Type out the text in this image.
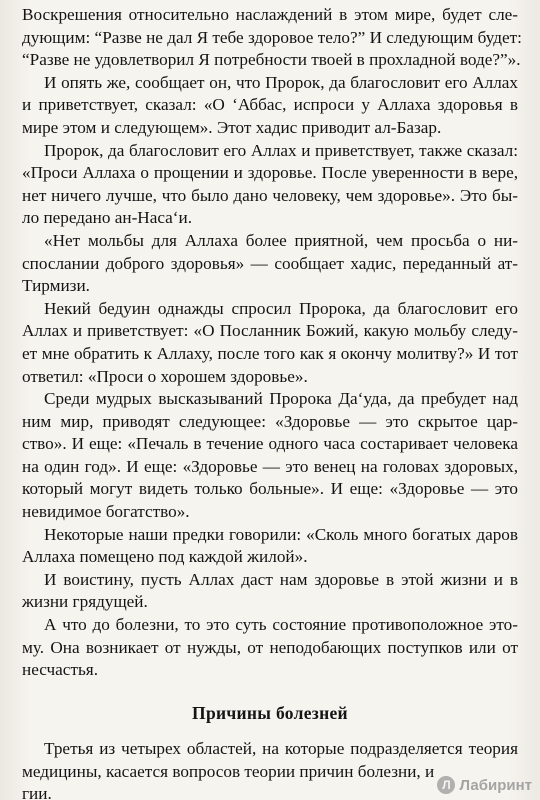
Воскрешения относительно наслаждений в этом мире, будет сле-
дующим: “Разве не дал Я тебе здоровое тело?” И следующим будет:
“Разве не удовлетворил Я потребности твоей в прохладной воде?”».
И опять же, сообщает он, что Пророк, да благословит его Аллах
и приветствует, сказал: «О ‘Аббас, испроси у Аллаха здоровья в
мире этом и следующем». Этот хадис приводит ал-Базар.
Пророк, да благословит его Аллах и приветствует, также сказал:
«Проси Аллаха о прощении и здоровье. После уверенности в вере,
нет ничего лучше, что было дано человеку, чем здоровье». Это бы-
ло передано ан-Наса‘и.
«Нет мольбы для Аллаха более приятной, чем просьба о ни-
спослании доброго здоровья» — сообщает хадис, переданный ат-
Тирмизи.
Некий бедуин однажды спросил Пророка, да благословит его
Аллах и приветствует: «О Посланник Божий, какую мольбу следу-
ет мне обратить к Аллаху, после того как я окончу молитву?» И тот
ответил: «Проси о хорошем здоровье».
Среди мудрых высказываний Пророка Да‘уда, да пребудет над
ним мир, приводят следующее: «Здоровье — это скрытое цар-
ство». И еще: «Печаль в течение одного часа состаривает человека
на один год». И еще: «Здоровье — это венец на головах здоровых,
который могут видеть только больные». И еще: «Здоровье — это
невидимое богатство».
Некоторые наши предки говорили: «Сколь много богатых даров
Аллаха помещено под каждой жилой».
И воистину, пусть Аллах даст нам здоровье в этой жизни и в
жизни грядущей.
А что до болезни, то это суть состояние противоположное это-
му. Она возникает от нужды, от неподобающих поступков или от
несчастья.
Причины болезней
Третья из четырех областей, на которые подразделяется теория
медицины, касается вопросов теории причин болезни, и
гии.	Л Лабиринт
